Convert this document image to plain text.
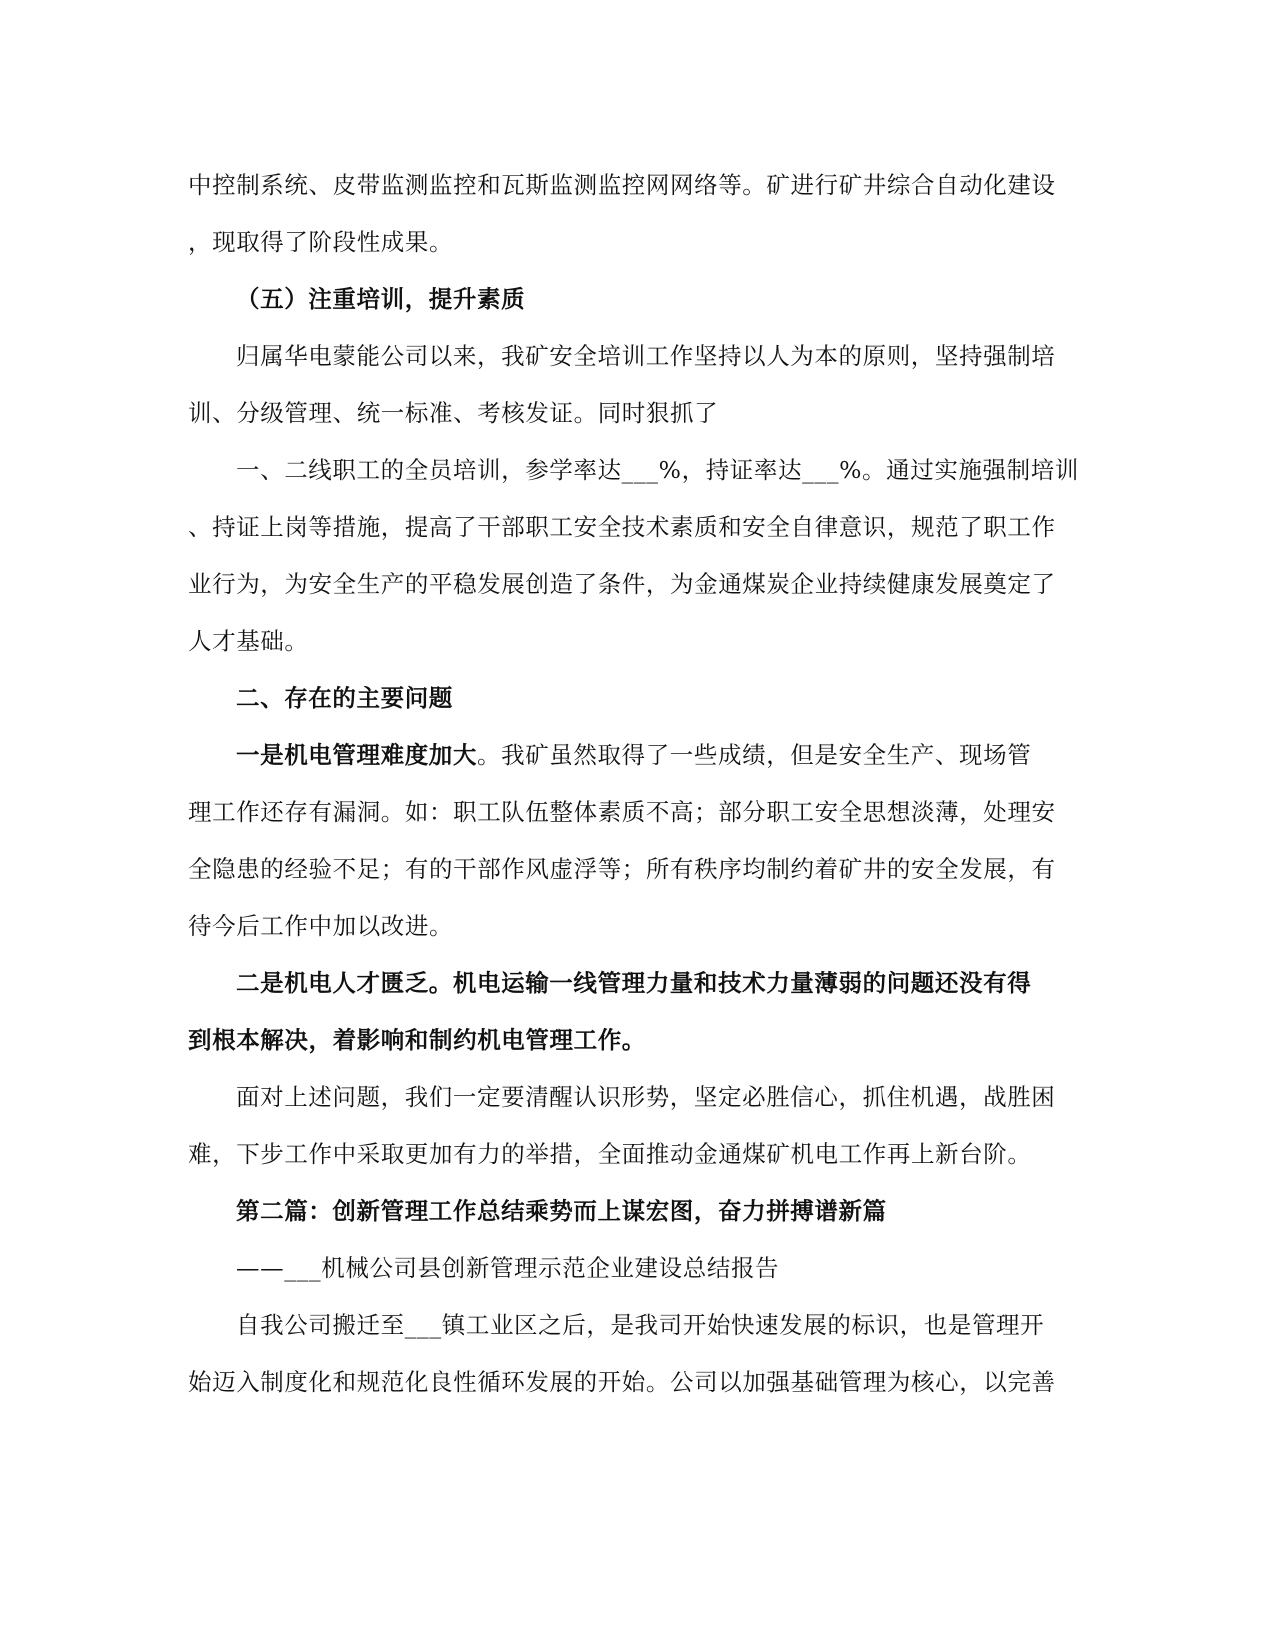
中控制系统、皮带监测监控和瓦斯监测监控网网络等。矿进行矿井综合自动化建设
，现取得了阶段性成果。
（五）注重培训，提升素质
归属华电蒙能公司以来，我矿安全培训工作坚持以人为本的原则，坚持强制培
训、分级管理、统一标准、考核发证。同时狠抓了
一、二线职工的全员培训，参学率达___%，持证率达___%。通过实施强制培训
、持证上岗等措施，提高了干部职工安全技术素质和安全自律意识，规范了职工作
业行为，为安全生产的平稳发展创造了条件，为金通煤炭企业持续健康发展奠定了
人才基础。
二、存在的主要问题
一是机电管理难度加大。我矿虽然取得了一些成绩，但是安全生产、现场管
理工作还存有漏洞。如：职工队伍整体素质不高；部分职工安全思想淡薄，处理安
全隐患的经验不足；有的干部作风虚浮等；所有秩序均制约着矿井的安全发展，有
待今后工作中加以改进。
二是机电人才匮乏。机电运输一线管理力量和技术力量薄弱的问题还没有得
到根本解决，着影响和制约机电管理工作。
面对上述问题，我们一定要清醒认识形势，坚定必胜信心，抓住机遇，战胜困
难，下步工作中采取更加有力的举措，全面推动金通煤矿机电工作再上新台阶。
第二篇：创新管理工作总结乘势而上谋宏图，奋力拼搏谱新篇
——___机械公司县创新管理示范企业建设总结报告
自我公司搬迁至___镇工业区之后，是我司开始快速发展的标识，也是管理开
始迈入制度化和规范化良性循环发展的开始。公司以加强基础管理为核心，以完善
